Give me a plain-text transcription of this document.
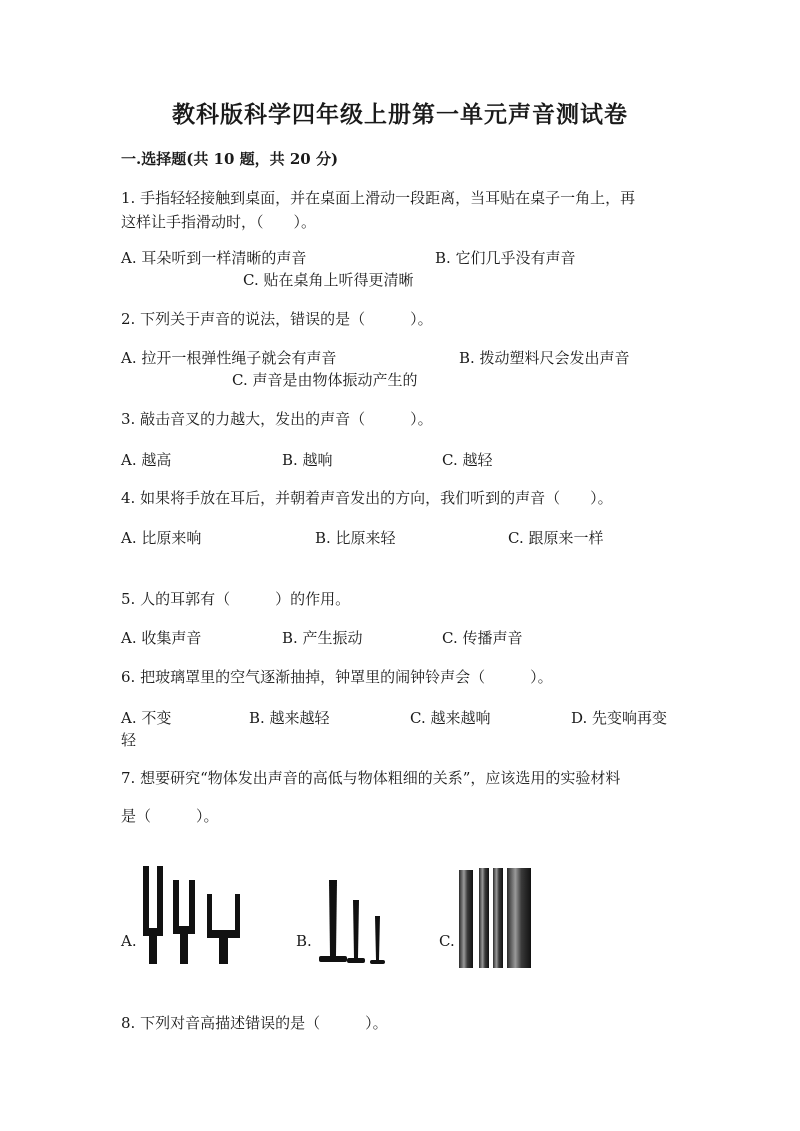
教科版科学四年级上册第一单元声音测试卷
一.选择题(共 10 题，共 20 分)
1. 手指轻轻接触到桌面，并在桌面上滑动一段距离，当耳贴在桌子一角上，再
这样让手指滑动时，（　　）。
A. 耳朵听到一样清晰的声音	B. 它们几乎没有声音
C. 贴在桌角上听得更清晰
2. 下列关于声音的说法，错误的是（　　　）。
A. 拉开一根弹性绳子就会有声音	B. 拨动塑料尺会发出声音
C. 声音是由物体振动产生的
3. 敲击音叉的力越大，发出的声音（　　　）。
A. 越高	B. 越响	C. 越轻
4. 如果将手放在耳后，并朝着声音发出的方向，我们听到的声音（　　）。
A. 比原来响	B. 比原来轻	C. 跟原来一样
5. 人的耳郭有（　　　）的作用。
A. 收集声音	B. 产生振动	C. 传播声音
6. 把玻璃罩里的空气逐渐抽掉，钟罩里的闹钟铃声会（　　　）。
A. 不变	B. 越来越轻	C. 越来越响	D. 先变响再变
轻
7. 想要研究“物体发出声音的高低与物体粗细的关系”，应该选用的实验材料
是（　　　）。
A.	B.	C.
8. 下列对音高描述错误的是（　　　）。
